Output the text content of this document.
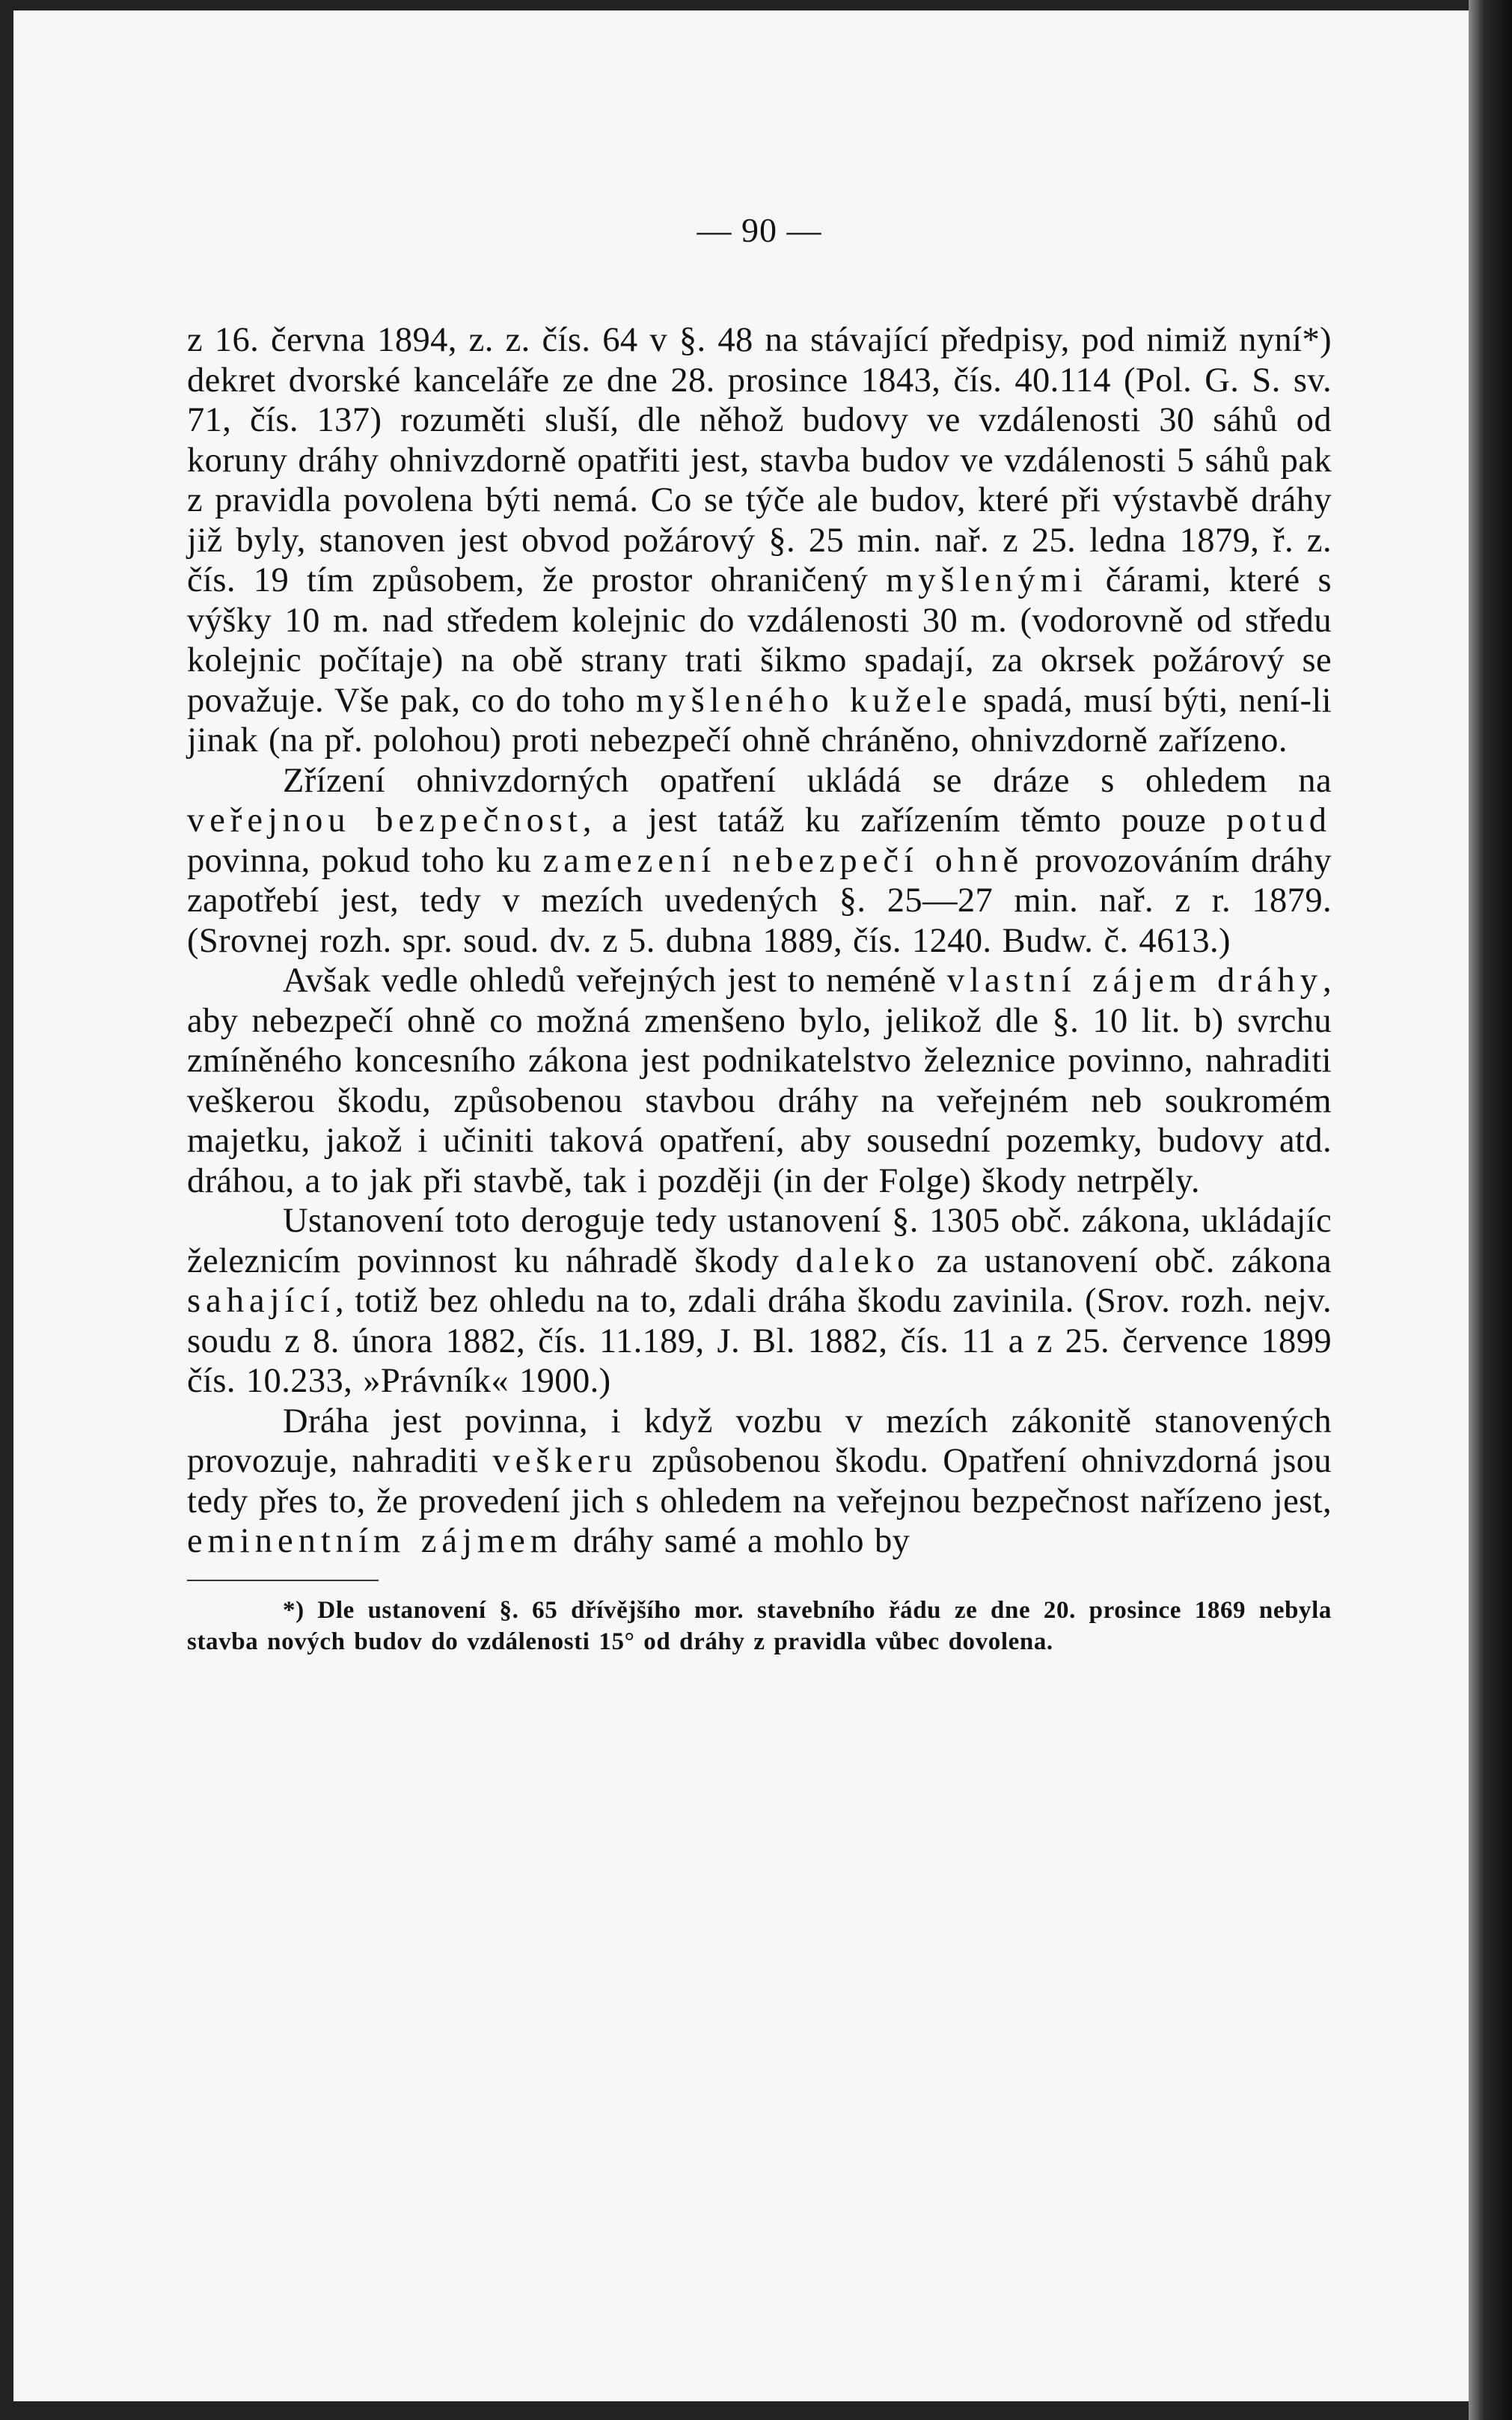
— 90 —

z 16. června 1894, z. z. čís. 64 v §. 48 na stávající předpisy, pod nimiž nyní*) dekret dvorské kanceláře ze dne 28. prosince 1843, čís. 40.114 (Pol. G. S. sv. 71, čís. 137) rozuměti sluší, dle něhož budovy ve vzdálenosti 30 sáhů od koruny dráhy ohnivzdorně opatřiti jest, stavba budov ve vzdálenosti 5 sáhů pak z pravidla povolena býti nemá. Co se týče ale budov, které při výstavbě dráhy již byly, stanoven jest obvod požárový §. 25 min. nař. z 25. ledna 1879, ř. z. čís. 19 tím způsobem, že prostor ohraničený myšlenými čárami, které s výšky 10 m. nad středem kolejnic do vzdálenosti 30 m. (vodorovně od středu kolejnic počítaje) na obě strany trati šikmo spadají, za okrsek požárový se považuje. Vše pak, co do toho myšleného kužele spadá, musí býti, není-li jinak (na př. polohou) proti nebezpečí ohně chráněno, ohnivzdorně zařízeno.

Zřízení ohnivzdorných opatření ukládá se dráze s ohledem na veřejnou bezpečnost, a jest tatáž ku zařízením těmto pouze potud povinna, pokud toho ku zamezení nebezpečí ohně provozováním dráhy zapotřebí jest, tedy v mezích uvedených §. 25—27 min. nař. z r. 1879. (Srovnej rozh. spr. soud. dv. z 5. dubna 1889, čís. 1240. Budw. č. 4613.)

Avšak vedle ohledů veřejných jest to neméně vlastní zájem dráhy, aby nebezpečí ohně co možná zmenšeno bylo, jelikož dle §. 10 lit. b) svrchu zmíněného koncesního zákona jest podnikatelstvo železnice povinno, nahraditi veškerou škodu, způsobenou stavbou dráhy na veřejném neb soukromém majetku, jakož i učiniti taková opatření, aby sousední pozemky, budovy atd. dráhou, a to jak při stavbě, tak i později (in der Folge) škody netrpěly.

Ustanovení toto deroguje tedy ustanovení §. 1305 obč. zákona, ukládajíc železnicím povinnost ku náhradě škody daleko za ustanovení obč. zákona sahající, totiž bez ohledu na to, zdali dráha škodu zavinila. (Srov. rozh. nejv. soudu z 8. února 1882, čís. 11.189, J. Bl. 1882, čís. 11 a z 25. července 1899 čís. 10.233, »Právník« 1900.)

Dráha jest povinna, i když vozbu v mezích zákonitě stanovených provozuje, nahraditi veškeru způsobenou škodu. Opatření ohnivzdorná jsou tedy přes to, že provedení jich s ohledem na veřejnou bezpečnost nařízeno jest, eminentním zájmem dráhy samé a mohlo by

*) Dle ustanovení §. 65 dřívějšího mor. stavebního řádu ze dne 20. prosince 1869 nebyla stavba nových budov do vzdálenosti 15° od dráhy z pravidla vůbec dovolena.
